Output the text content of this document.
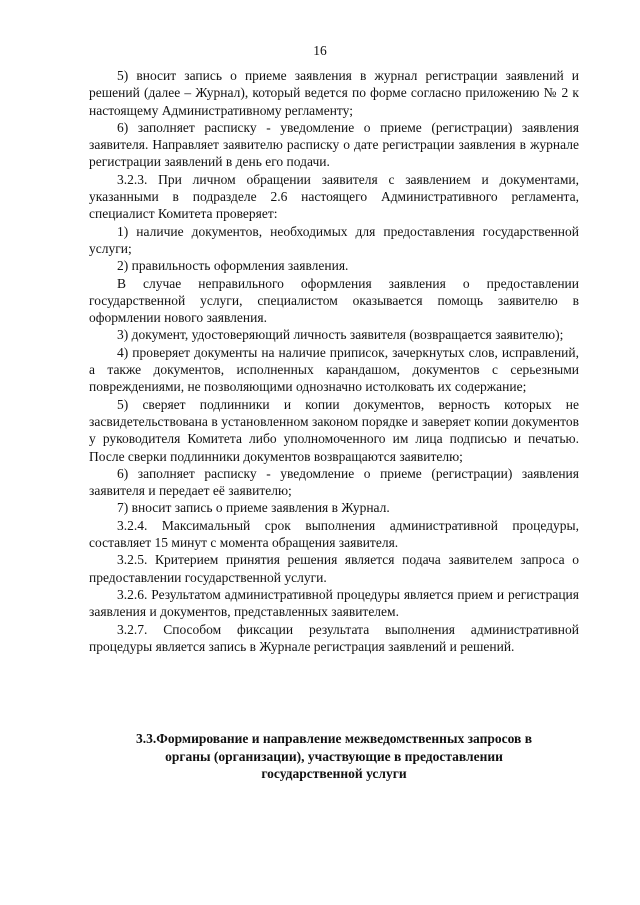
16

5) вносит запись о приеме заявления в журнал регистрации заявлений и решений (далее – Журнал), который ведется по форме согласно приложению № 2 к настоящему Административному регламенту;

6) заполняет расписку - уведомление о приеме (регистрации) заявления заявителя. Направляет заявителю расписку о дате регистрации заявления в журнале регистрации заявлений в день его подачи.

3.2.3. При личном обращении заявителя с заявлением и документами, указанными в подразделе 2.6 настоящего Административного регламента, специалист Комитета проверяет:

1) наличие документов, необходимых для предоставления государственной услуги;

2) правильность оформления заявления.

В случае неправильного оформления заявления о предоставлении государственной услуги, специалистом оказывается помощь заявителю в оформлении нового заявления.

3) документ, удостоверяющий личность заявителя (возвращается заявителю);

4) проверяет документы на наличие приписок, зачеркнутых слов, исправлений, а также документов, исполненных карандашом, документов с серьезными повреждениями, не позволяющими однозначно истолковать их содержание;

5) сверяет подлинники и копии документов, верность которых не засвидетельствована в установленном законом порядке и заверяет копии документов у руководителя Комитета либо уполномоченного им лица подписью и печатью. После сверки подлинники документов возвращаются заявителю;

6) заполняет расписку - уведомление о приеме (регистрации) заявления заявителя и передает её заявителю;

7) вносит запись о приеме заявления в Журнал.

3.2.4. Максимальный срок выполнения административной процедуры, составляет 15 минут с момента обращения заявителя.

3.2.5. Критерием принятия решения является подача заявителем запроса о предоставлении государственной услуги.

3.2.6. Результатом административной процедуры является прием и регистрация заявления и документов, представленных заявителем.

3.2.7. Способом фиксации результата выполнения административной процедуры является запись в Журнале регистрация заявлений и решений.

3.3.Формирование и направление межведомственных запросов в
органы (организации), участвующие в предоставлении
государственной услуги
